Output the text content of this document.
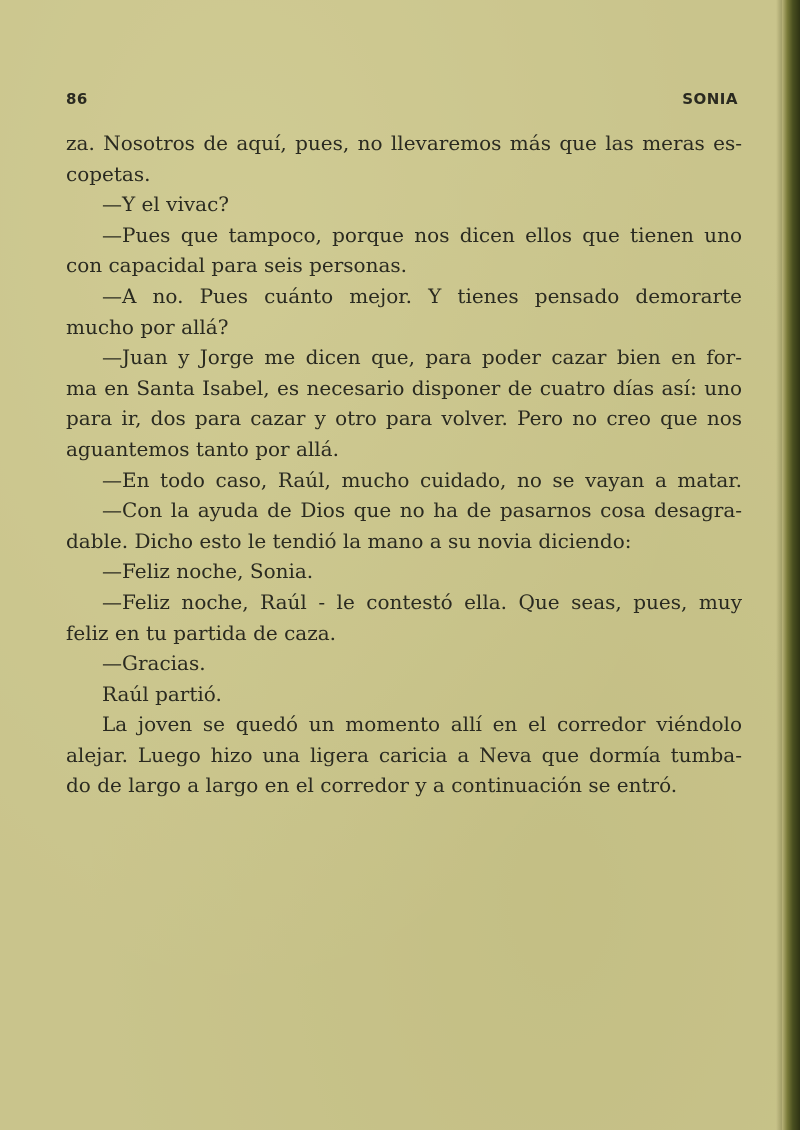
86	SONIA
za. Nosotros de aquí, pues, no llevaremos más que las meras es-
copetas.
—Y el vivac?
—Pues que tampoco, porque nos dicen ellos que tienen uno
con capacidal para seis personas.
—A no. Pues cuánto mejor. Y tienes pensado demorarte
mucho por allá?
—Juan y Jorge me dicen que, para poder cazar bien en for-
ma en Santa Isabel, es necesario disponer de cuatro días así: uno
para ir, dos para cazar y otro para volver. Pero no creo que nos
aguantemos tanto por allá.
—En todo caso, Raúl, mucho cuidado, no se vayan a matar.
—Con la ayuda de Dios que no ha de pasarnos cosa desagra-
dable. Dicho esto le tendió la mano a su novia diciendo:
—Feliz noche, Sonia.
—Feliz noche, Raúl - le contestó ella. Que seas, pues, muy
feliz en tu partida de caza.
—Gracias.
Raúl partió.
La joven se quedó un momento allí en el corredor viéndolo
alejar. Luego hizo una ligera caricia a Neva que dormía tumba-
do de largo a largo en el corredor y a continuación se entró.
